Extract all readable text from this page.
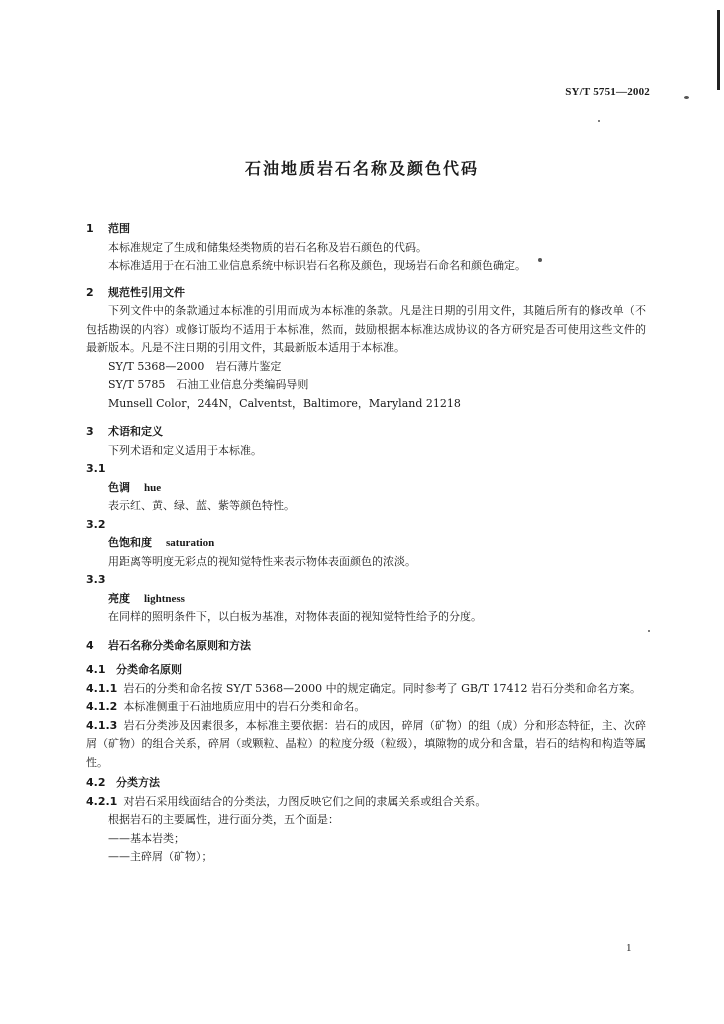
SY/T 5751—2002
石油地质岩石名称及颜色代码

1 范围

本标准规定了生成和储集烃类物质的岩石名称及岩石颜色的代码。

本标准适用于在石油工业信息系统中标识岩石名称及颜色，现场岩石命名和颜色确定。

2 规范性引用文件

下列文件中的条款通过本标准的引用而成为本标准的条款。凡是注日期的引用文件，其随后所有的修改单（不包括勘误的内容）或修订版均不适用于本标准，然而，鼓励根据本标准达成协议的各方研究是否可使用这些文件的最新版本。凡是不注日期的引用文件，其最新版本适用于本标准。

SY/T 5368—2000　岩石薄片鉴定

SY/T 5785　石油工业信息分类编码导则

Munsell Color，244N，Calventst，Baltimore，Maryland 21218

3 术语和定义

下列术语和定义适用于本标准。

3.1

色调 hue

表示红、黄、绿、蓝、紫等颜色特性。

3.2

色饱和度 saturation

用距离等明度无彩点的视知觉特性来表示物体表面颜色的浓淡。

3.3

亮度 lightness

在同样的照明条件下，以白板为基准，对物体表面的视知觉特性给予的分度。

4 岩石名称分类命名原则和方法

4.1 分类命名原则

4.1.1 岩石的分类和命名按 SY/T 5368—2000 中的规定确定。同时参考了 GB/T 17412 岩石分类和命名方案。

4.1.2 本标准侧重于石油地质应用中的岩石分类和命名。

4.1.3 岩石分类涉及因素很多，本标准主要依据：岩石的成因，碎屑（矿物）的组（成）分和形态特征，主、次碎屑（矿物）的组合关系，碎屑（或颗粒、晶粒）的粒度分级（粒级），填隙物的成分和含量，岩石的结构和构造等属性。

4.2 分类方法

4.2.1 对岩石采用线面结合的分类法，力图反映它们之间的隶属关系或组合关系。

根据岩石的主要属性，进行面分类，五个面是：

——基本岩类；

——主碎屑（矿物）；

1
